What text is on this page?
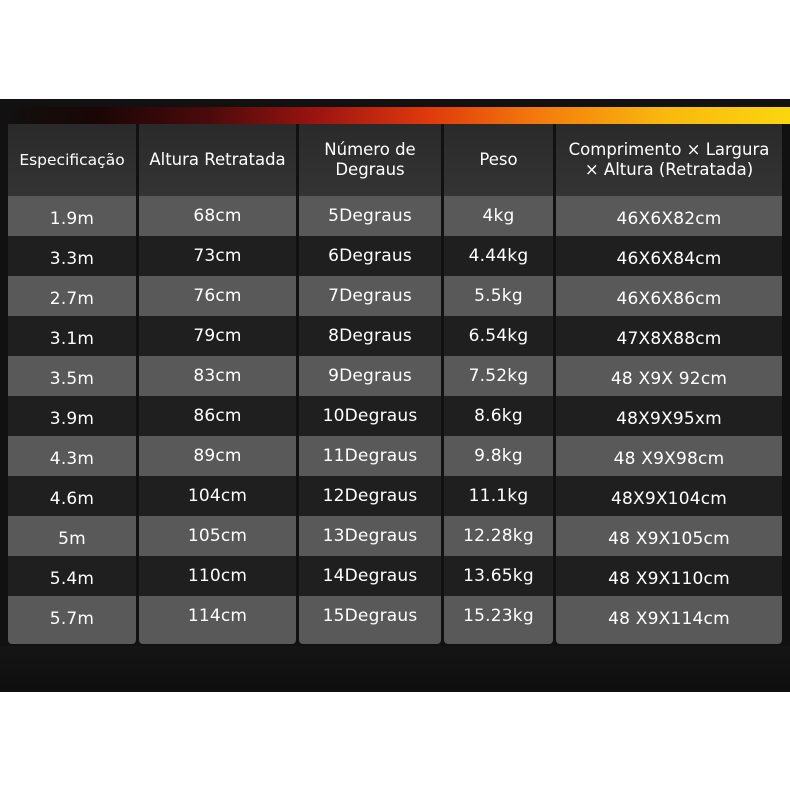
Especificação
1.9m
3.3m
2.7m
3.1m
3.5m
3.9m
4.3m
4.6m
5m
5.4m
5.7m
Altura Retratada
68cm
73cm
76cm
79cm
83cm
86cm
89cm
104cm
105cm
110cm
114cm
Número de
Degraus
5Degraus
6Degraus
7Degraus
8Degraus
9Degraus
10Degraus
11Degraus
12Degraus
13Degraus
14Degraus
15Degraus
Peso
4kg
4.44kg
5.5kg
6.54kg
7.52kg
8.6kg
9.8kg
11.1kg
12.28kg
13.65kg
15.23kg
Comprimento × Largura
× Altura (Retratada)
46X6X82cm
46X6X84cm
46X6X86cm
47X8X88cm
48 X9X 92cm
48X9X95xm
48 X9X98cm
48X9X104cm
48 X9X105cm
48 X9X110cm
48 X9X114cm
